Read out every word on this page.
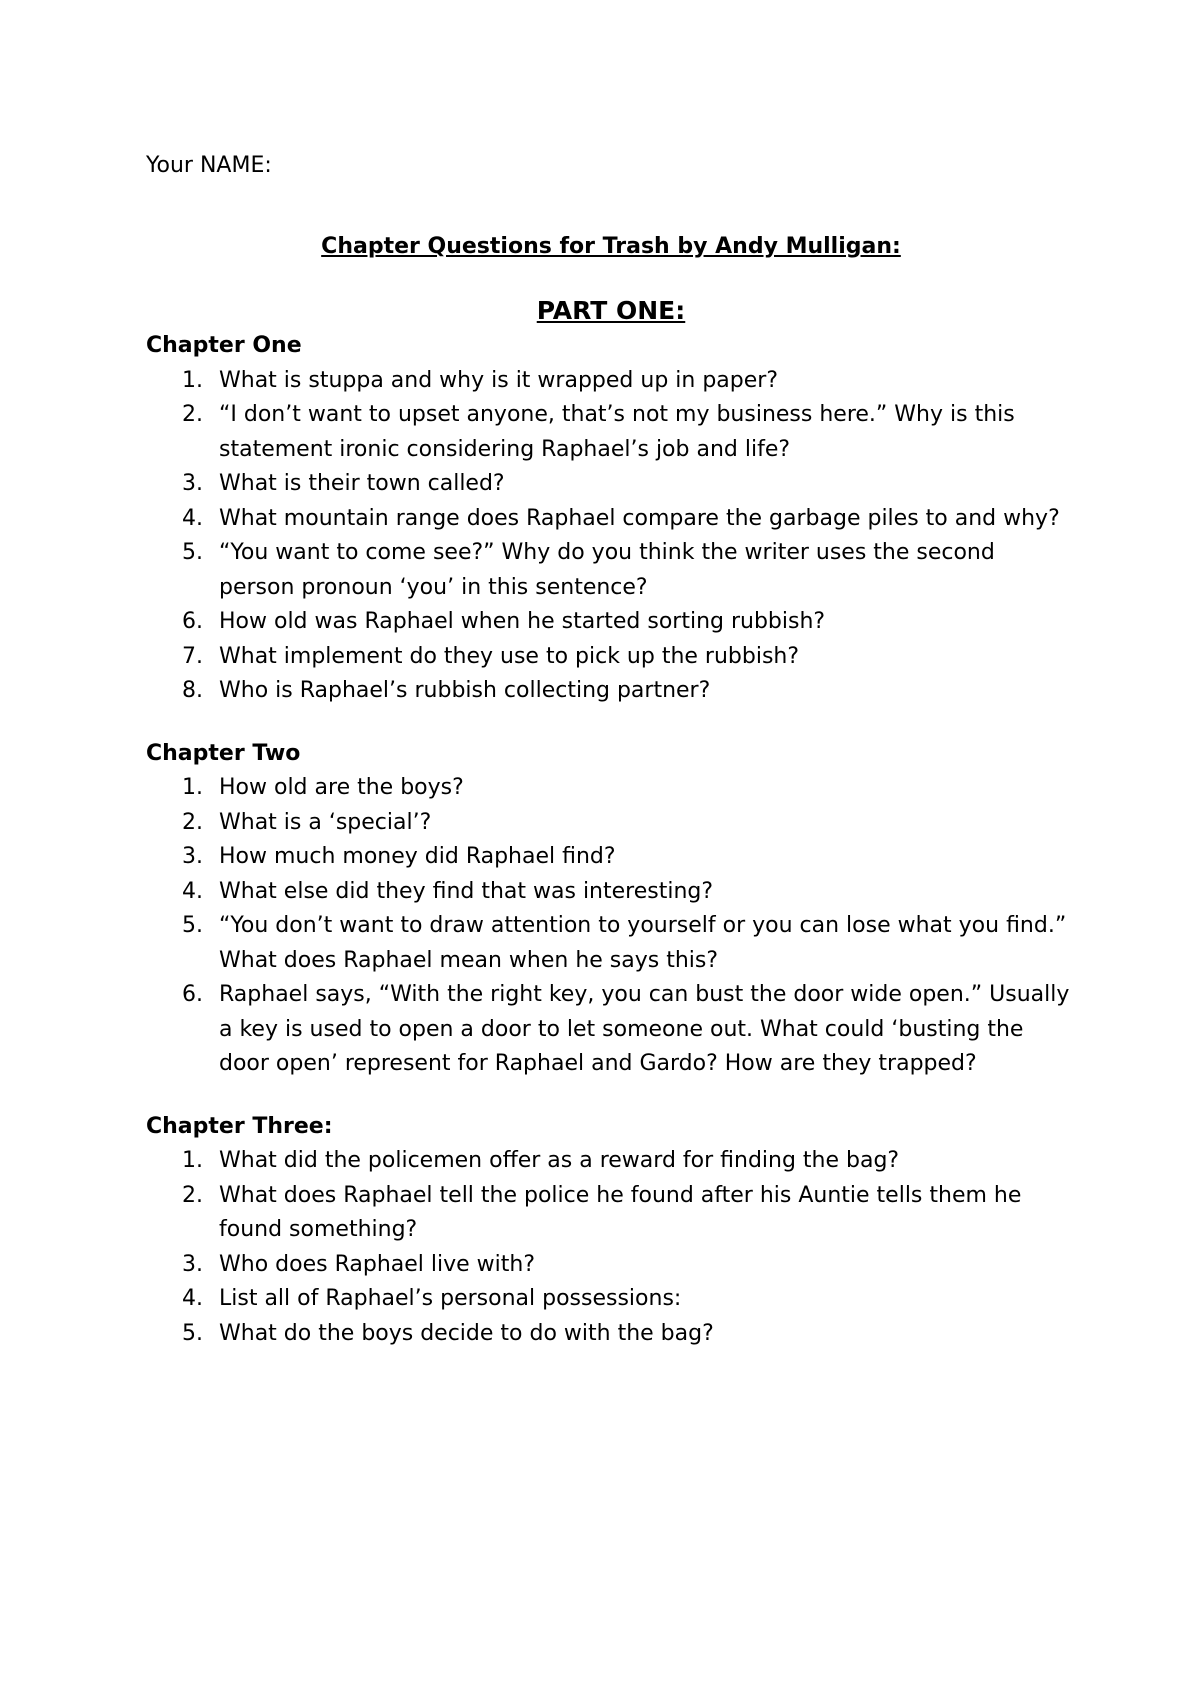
Your NAME:

Chapter Questions for Trash by Andy Mulligan:
PART ONE:
Chapter One
1. What is stuppa and why is it wrapped up in paper?
2. “I don’t want to upset anyone, that’s not my business here.” Why is this statement ironic considering Raphael’s job and life?
3. What is their town called?
4. What mountain range does Raphael compare the garbage piles to and why?
5. “You want to come see?” Why do you think the writer uses the second person pronoun ‘you’ in this sentence?
6. How old was Raphael when he started sorting rubbish?
7. What implement do they use to pick up the rubbish?
8. Who is Raphael’s rubbish collecting partner?
Chapter Two
1. How old are the boys?
2. What is a ‘special’?
3. How much money did Raphael find?
4. What else did they find that was interesting?
5. “You don’t want to draw attention to yourself or you can lose what you find.” What does Raphael mean when he says this?
6. Raphael says, “With the right key, you can bust the door wide open.” Usually a key is used to open a door to let someone out. What could ‘busting the door open’ represent for Raphael and Gardo? How are they trapped?
Chapter Three:
1. What did the policemen offer as a reward for finding the bag?
2. What does Raphael tell the police he found after his Auntie tells them he found something?
3. Who does Raphael live with?
4. List all of Raphael’s personal possessions:
5. What do the boys decide to do with the bag?
